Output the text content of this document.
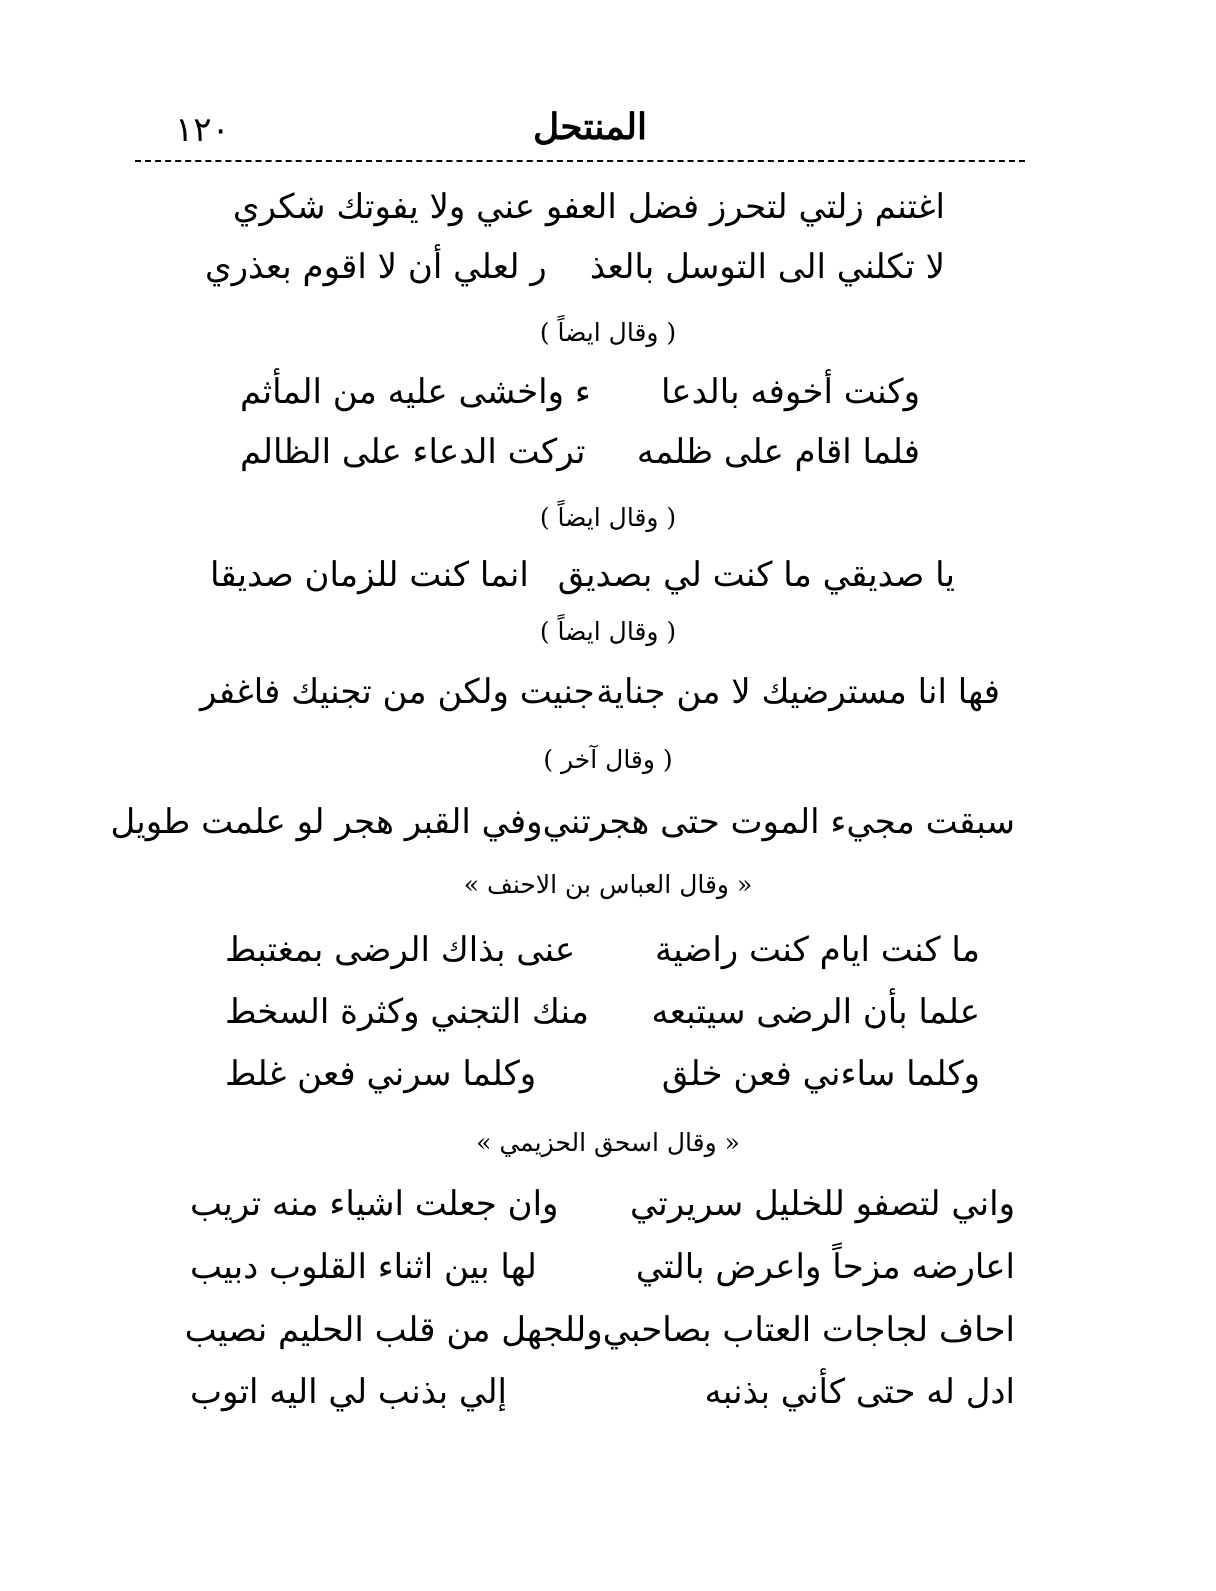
١٢٠	المنتحل
اغتنم زلتي لتحرز فضل العفو عني ولا يفوتك شكري
لا تكلني الى التوسل بالعذ
ر لعلي أن لا اقوم بعذري
( وقال ايضاً )
وكنت أخوفه بالدعا
ء واخشى عليه من المأثم
فلما اقام على ظلمه
تركت الدعاء على الظالم
( وقال ايضاً )
يا صديقي ما كنت لي بصديق
انما كنت للزمان صديقا
( وقال ايضاً )
فها انا مسترضيك لا من جناية
جنيت ولكن من تجنيك فاغفر
( وقال آخر )
سبقت مجيء الموت حتى هجرتني
وفي القبر هجر لو علمت طويل
« وقال العباس بن الاحنف »
ما كنت ايام كنت راضية
عنى بذاك الرضى بمغتبط
علما بأن الرضى سيتبعه
منك التجني وكثرة السخط
وكلما ساءني فعن خلق
وكلما سرني فعن غلط
« وقال اسحق الحزيمي »
واني لتصفو للخليل سريرتي
وان جعلت اشياء منه تريب
اعارضه مزحاً واعرض بالتي
لها بين اثناء القلوب دبيب
احاف لجاجات العتاب بصاحبي
وللجهل من قلب الحليم نصيب
ادل له حتى كأني بذنبه
إلي بذنب لي اليه اتوب
